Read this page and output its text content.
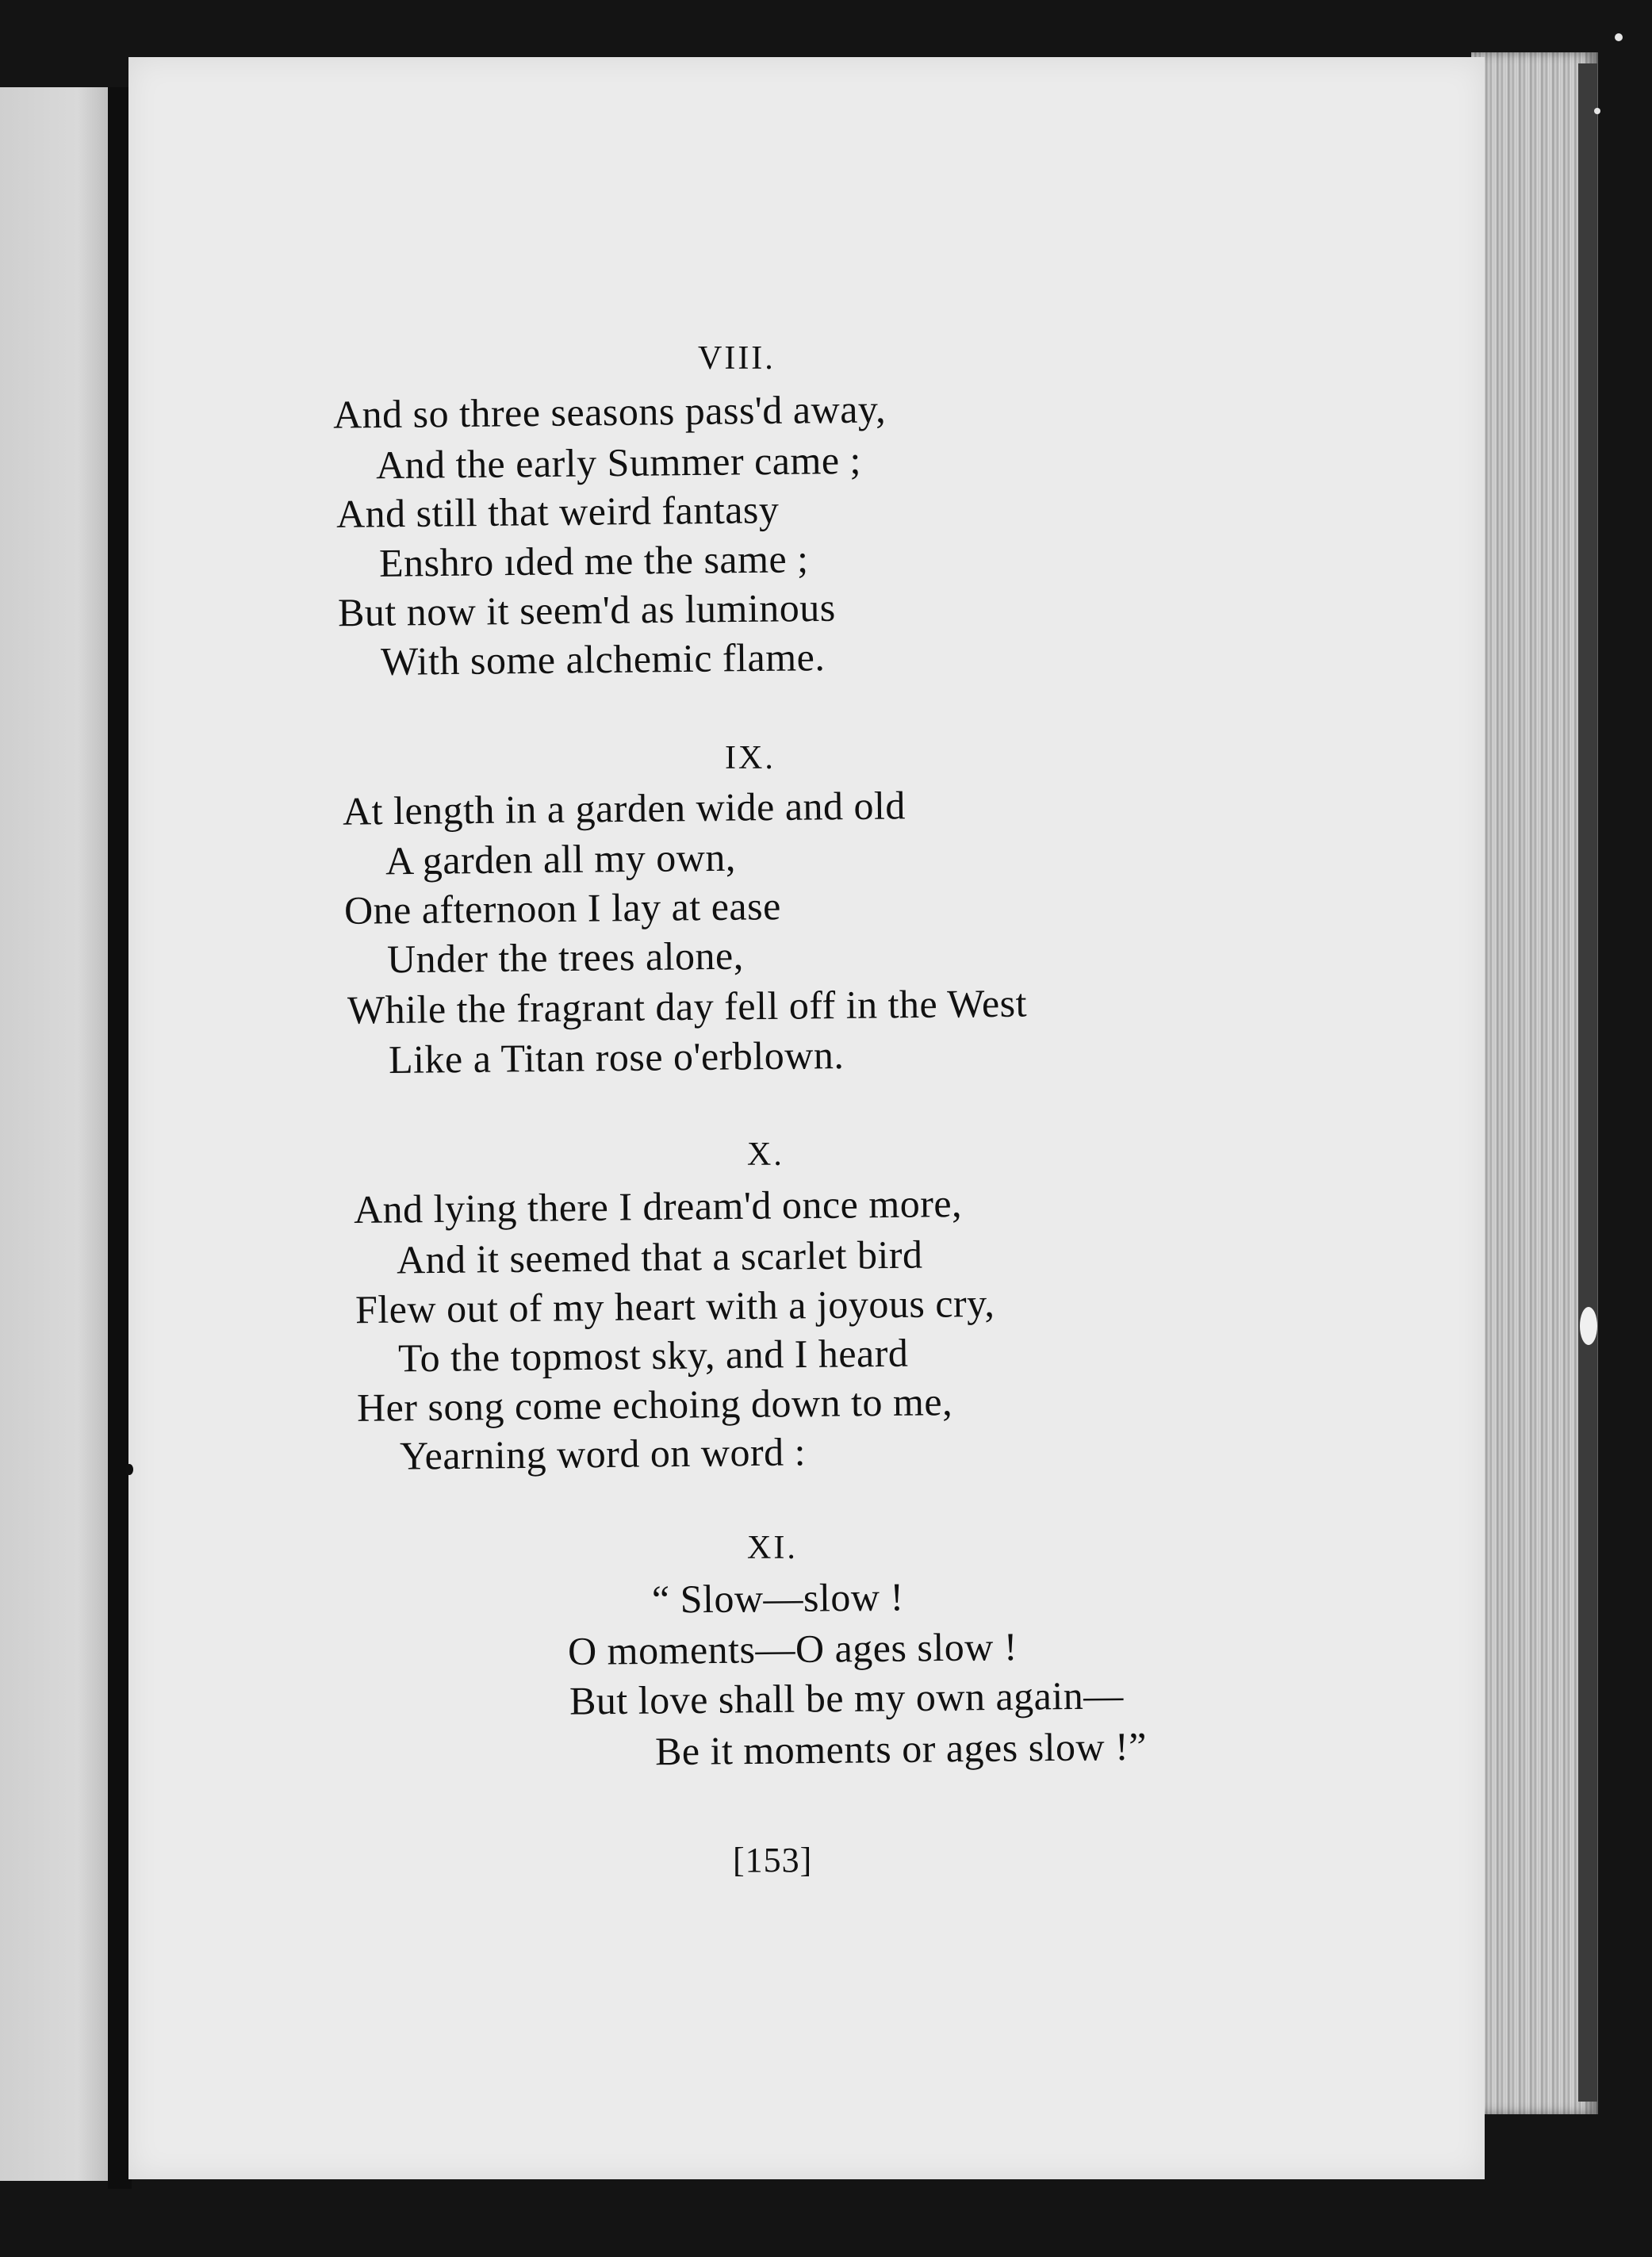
VIII.
And so three seasons pass'd away,
And the early Summer came ;
And still that weird fantasy
Enshro ıded me the same ;
But now it seem'd as luminous
With some alchemic flame.
IX.
At length in a garden wide and old
A garden all my own,
One afternoon I lay at ease
Under the trees alone,
While the fragrant day fell off in the West
Like a Titan rose o'erblown.
X.
And lying there I dream'd once more,
And it seemed that a scarlet bird
Flew out of my heart with a joyous cry,
To the topmost sky, and I heard
Her song come echoing down to me,
Yearning word on word :
XI.
“ Slow—slow !
O moments—O ages slow !
But love shall be my own again—
Be it moments or ages slow !”
[153]
